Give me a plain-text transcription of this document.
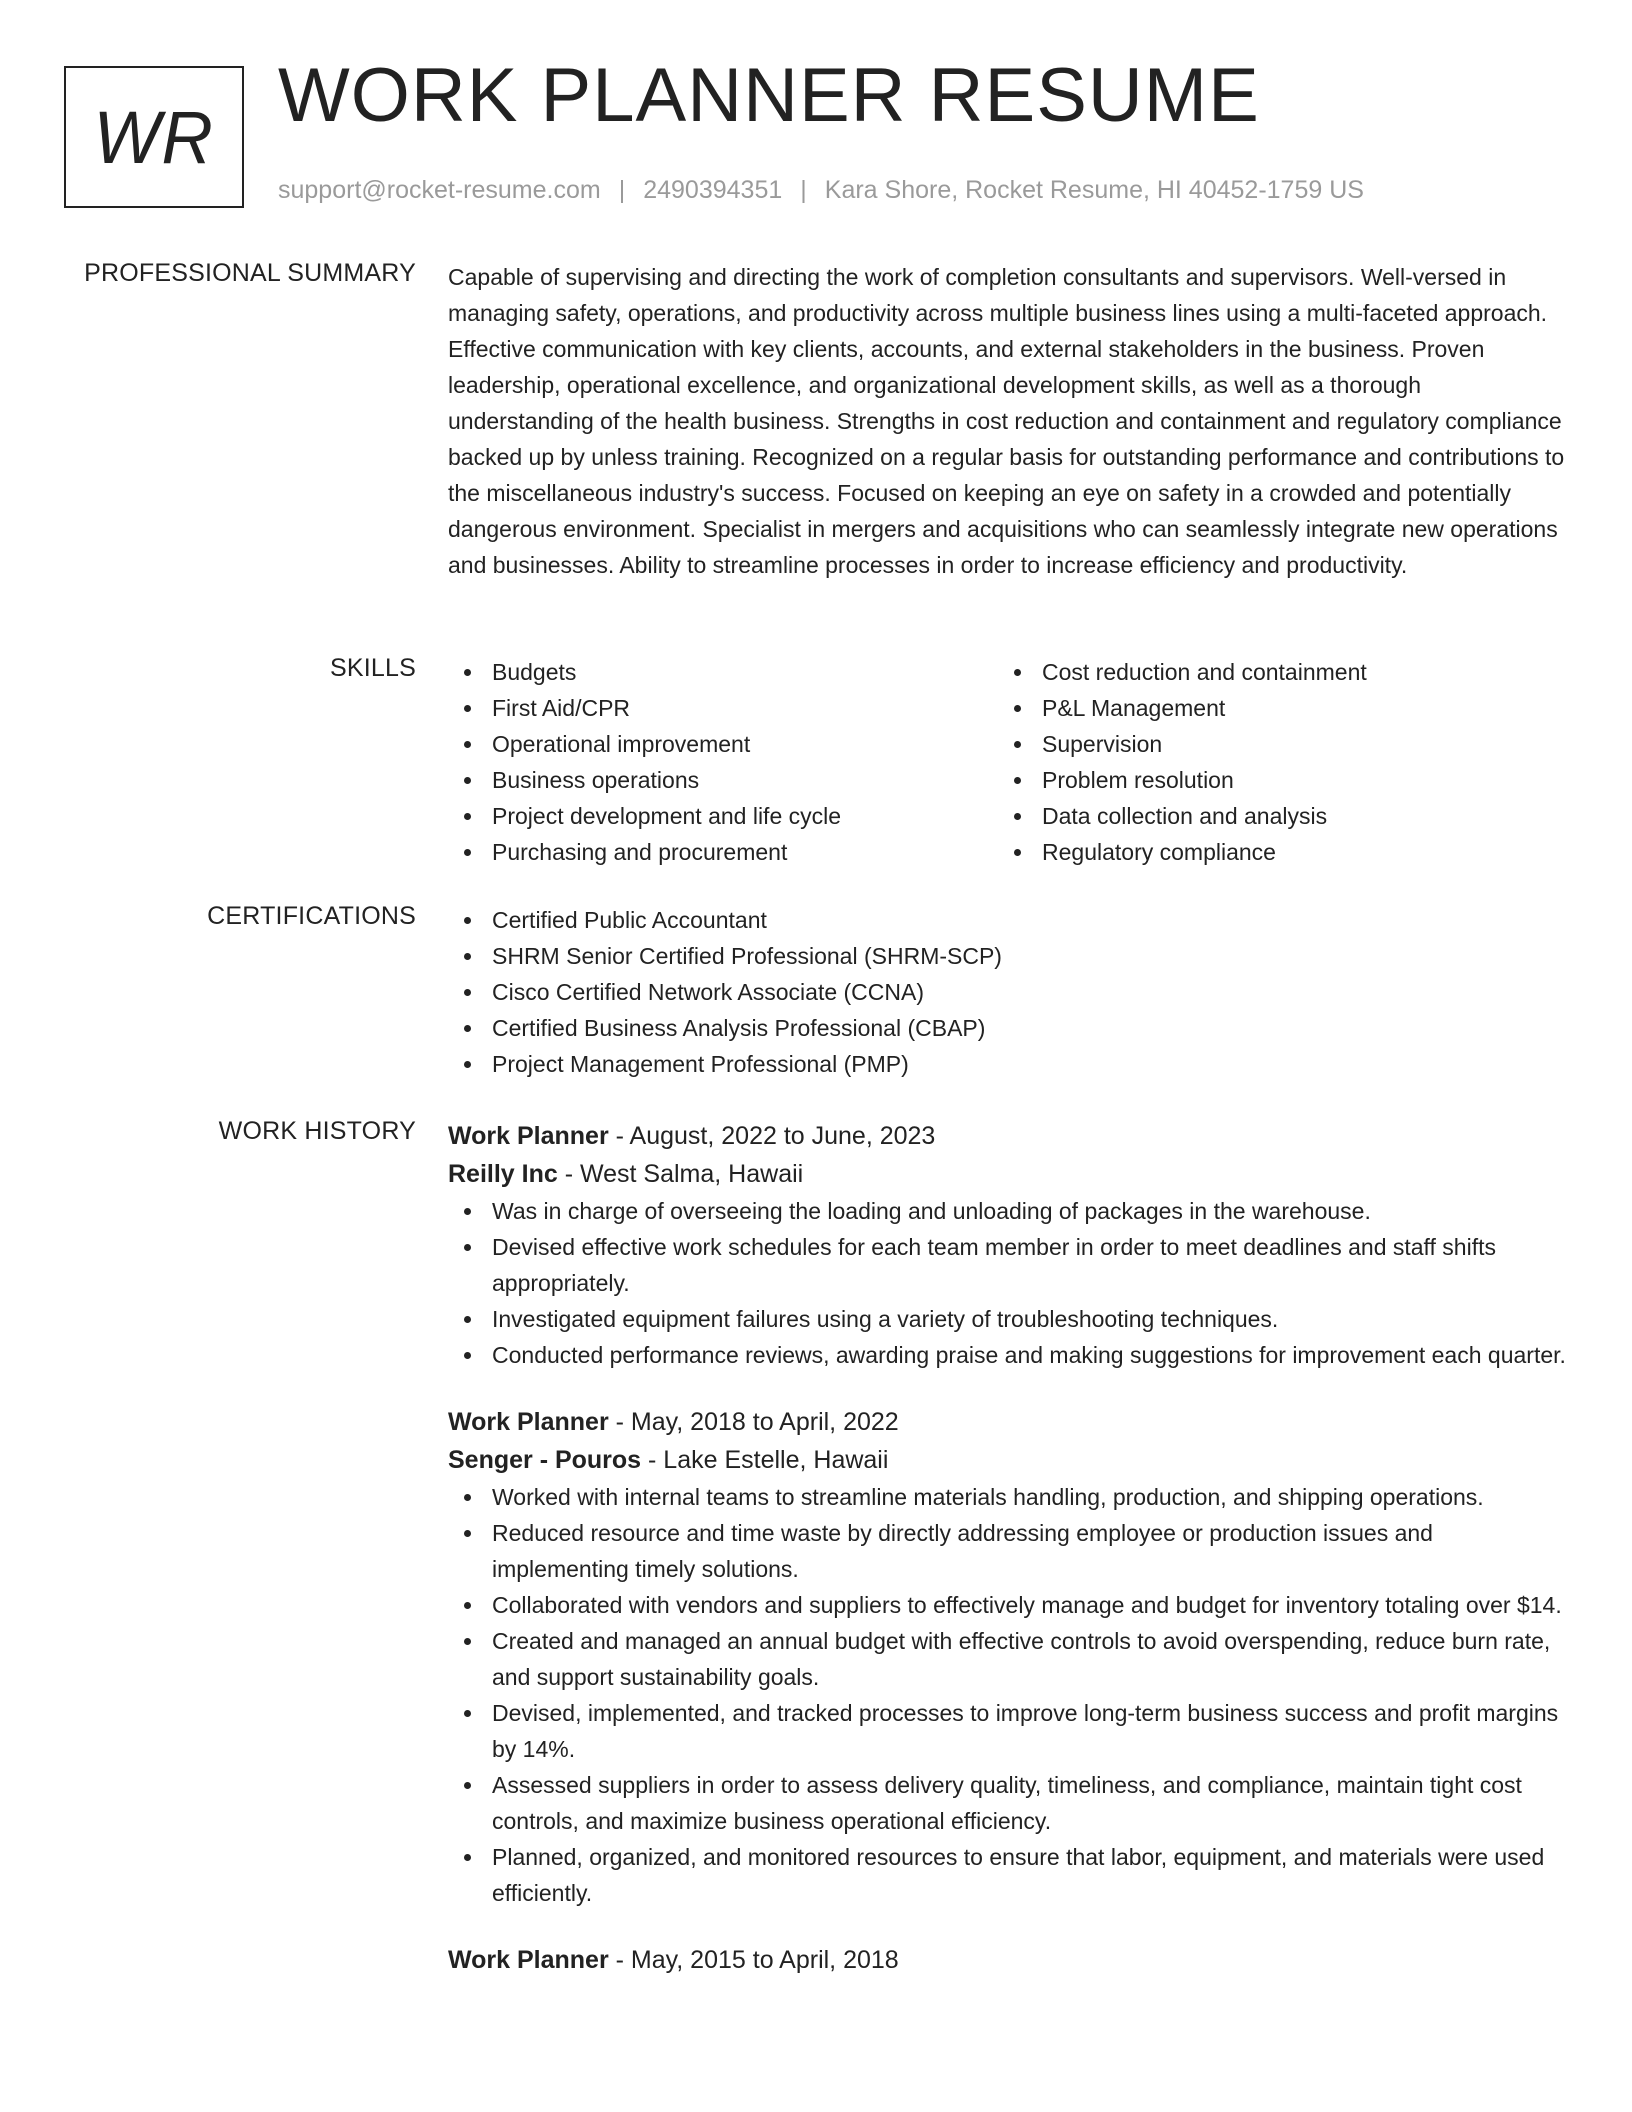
WR WORK PLANNER RESUME
support@rocket-resume.com | 2490394351 | Kara Shore, Rocket Resume, HI 40452-1759 US
PROFESSIONAL SUMMARY Capable of supervising and directing the work of completion consultants and supervisors. Well-versed in managing safety, operations, and productivity across multiple business lines using a multi-faceted approach. Effective communication with key clients, accounts, and external stakeholders in the business. Proven leadership, operational excellence, and organizational development skills, as well as a thorough understanding of the health business. Strengths in cost reduction and containment and regulatory compliance backed up by unless training. Recognized on a regular basis for outstanding performance and contributions to the miscellaneous industry's success. Focused on keeping an eye on safety in a crowded and potentially dangerous environment. Specialist in mergers and acquisitions who can seamlessly integrate new operations and businesses. Ability to streamline processes in order to increase efficiency and productivity.

SKILLS	Budgets
First Aid/CPR
Operational improvement
Business operations
Project development and life cycle
Purchasing and procurement
Cost reduction and containment
P&L Management
Supervision
Problem resolution
Data collection and analysis
Regulatory compliance
CERTIFICATIONS	Certified Public Accountant
SHRM Senior Certified Professional (SHRM-SCP)
Cisco Certified Network Associate (CCNA)
Certified Business Analysis Professional (CBAP)
Project Management Professional (PMP)
WORK HISTORY Work Planner - August, 2022 to June, 2023
Reilly Inc - West Salma, Hawaii
Was in charge of overseeing the loading and unloading of packages in the warehouse.
Devised effective work schedules for each team member in order to meet deadlines and staff shifts appropriately.
Investigated equipment failures using a variety of troubleshooting techniques.
Conducted performance reviews, awarding praise and making suggestions for improvement each quarter.
Work Planner - May, 2018 to April, 2022
Senger - Pouros - Lake Estelle, Hawaii
Worked with internal teams to streamline materials handling, production, and shipping operations.
Reduced resource and time waste by directly addressing employee or production issues and implementing timely solutions.
Collaborated with vendors and suppliers to effectively manage and budget for inventory totaling over $14.
Created and managed an annual budget with effective controls to avoid overspending, reduce burn rate, and support sustainability goals.
Devised, implemented, and tracked processes to improve long-term business success and profit margins by 14%.
Assessed suppliers in order to assess delivery quality, timeliness, and compliance, maintain tight cost controls, and maximize business operational efficiency.
Planned, organized, and monitored resources to ensure that labor, equipment, and materials were used efficiently.
Work Planner - May, 2015 to April, 2018
